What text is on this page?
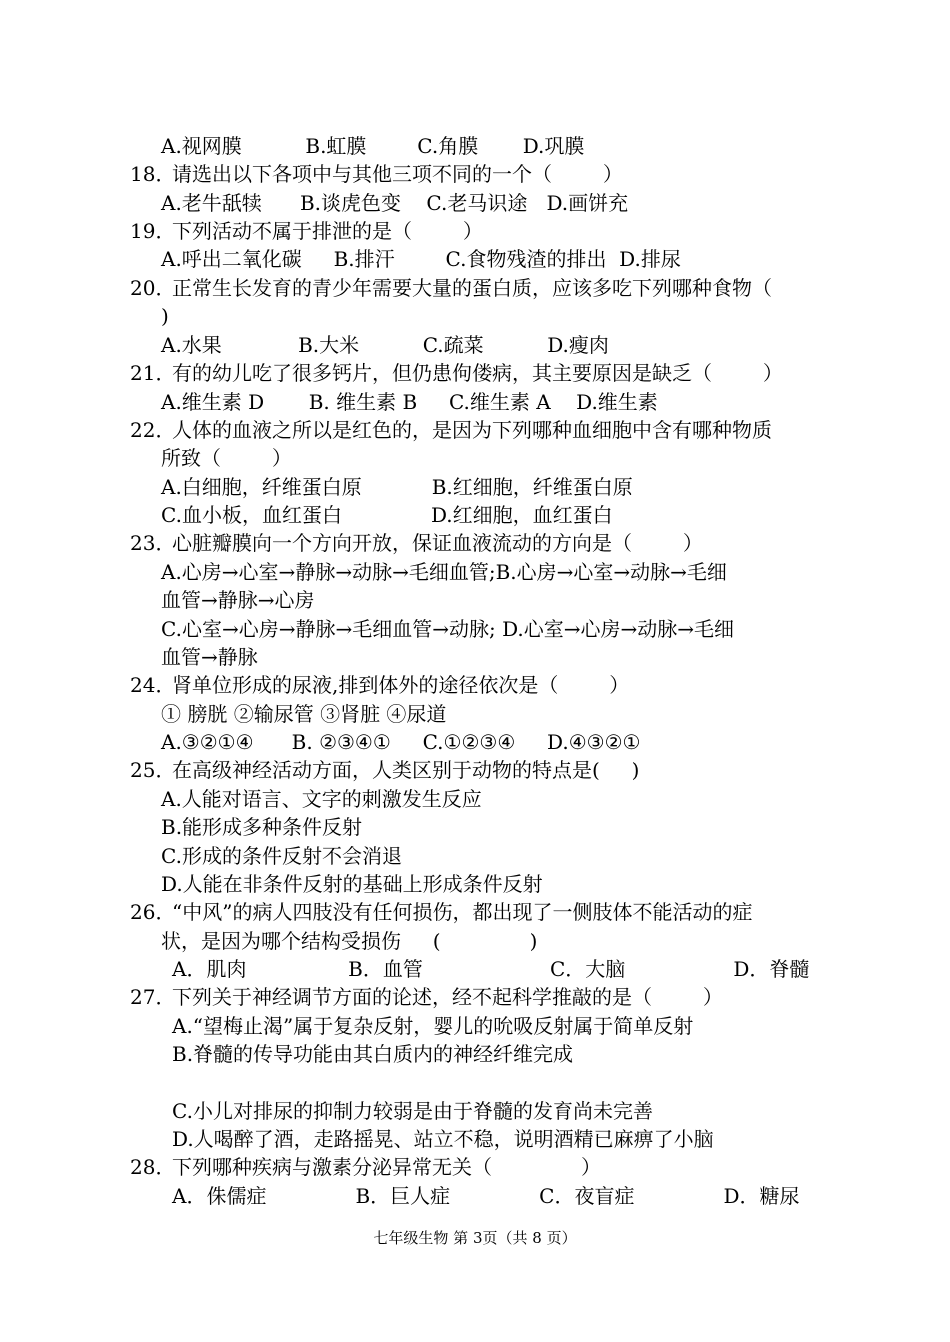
A.视网膜          B.虹膜        C.角膜       D.巩膜
18．请选出以下各项中与其他三项不同的一个（        ）
A.老牛舐犊      B.谈虎色变    C.老马识途   D.画饼充
19．下列活动不属于排泄的是（        ）
A.呼出二氧化碳     B.排汗        C.食物残渣的排出  D.排尿
20．正常生长发育的青少年需要大量的蛋白质，应该多吃下列哪种食物（
)
A.水果            B.大米          C.疏菜          D.瘦肉
21．有的幼儿吃了很多钙片，但仍患佝偻病，其主要原因是缺乏（        ）
A.维生素 D       B. 维生素 B     C.维生素 A    D.维生素
22．人体的血液之所以是红色的，是因为下列哪种血细胞中含有哪种物质
所致（        ）
A.白细胞，纤维蛋白原           B.红细胞，纤维蛋白原
C.血小板，血红蛋白              D.红细胞，血红蛋白
23．心脏瓣膜向一个方向开放，保证血液流动的方向是（        ）
A.心房→心室→静脉→动脉→毛细血管;B.心房→心室→动脉→毛细
血管→静脉→心房
C.心室→心房→静脉→毛细血管→动脉; D.心室→心房→动脉→毛细
血管→静脉
24．肾单位形成的尿液,排到体外的途径依次是（        ）
① 膀胱 ②输尿管 ③肾脏 ④尿道
A.③②①④      B. ②③④①     C.①②③④     D.④③②①
25．在高级神经活动方面，人类区别于动物的特点是(     )
A.人能对语言、文字的刺激发生反应
B.能形成多种条件反射
C.形成的条件反射不会消退
D.人能在非条件反射的基础上形成条件反射
26．“中风”的病人四肢没有任何损伤，都出现了一侧肢体不能活动的症
状，是因为哪个结构受损伤     (              )
A．肌肉                B．血管                    C．大脑                 D．脊髓
27．下列关于神经调节方面的论述，经不起科学推敲的是（        ）
A.“望梅止渴”属于复杂反射，婴儿的吮吸反射属于简单反射
B.脊髓的传导功能由其白质内的神经纤维完成
C.小儿对排尿的抑制力较弱是由于脊髓的发育尚未完善
D.人喝醉了酒，走路摇晃、站立不稳，说明酒精已麻痹了小脑
28．下列哪种疾病与激素分泌异常无关（              ）
A．侏儒症              B．巨人症              C．夜盲症              D．糖尿
七年级生物 第 3页（共 8 页）
